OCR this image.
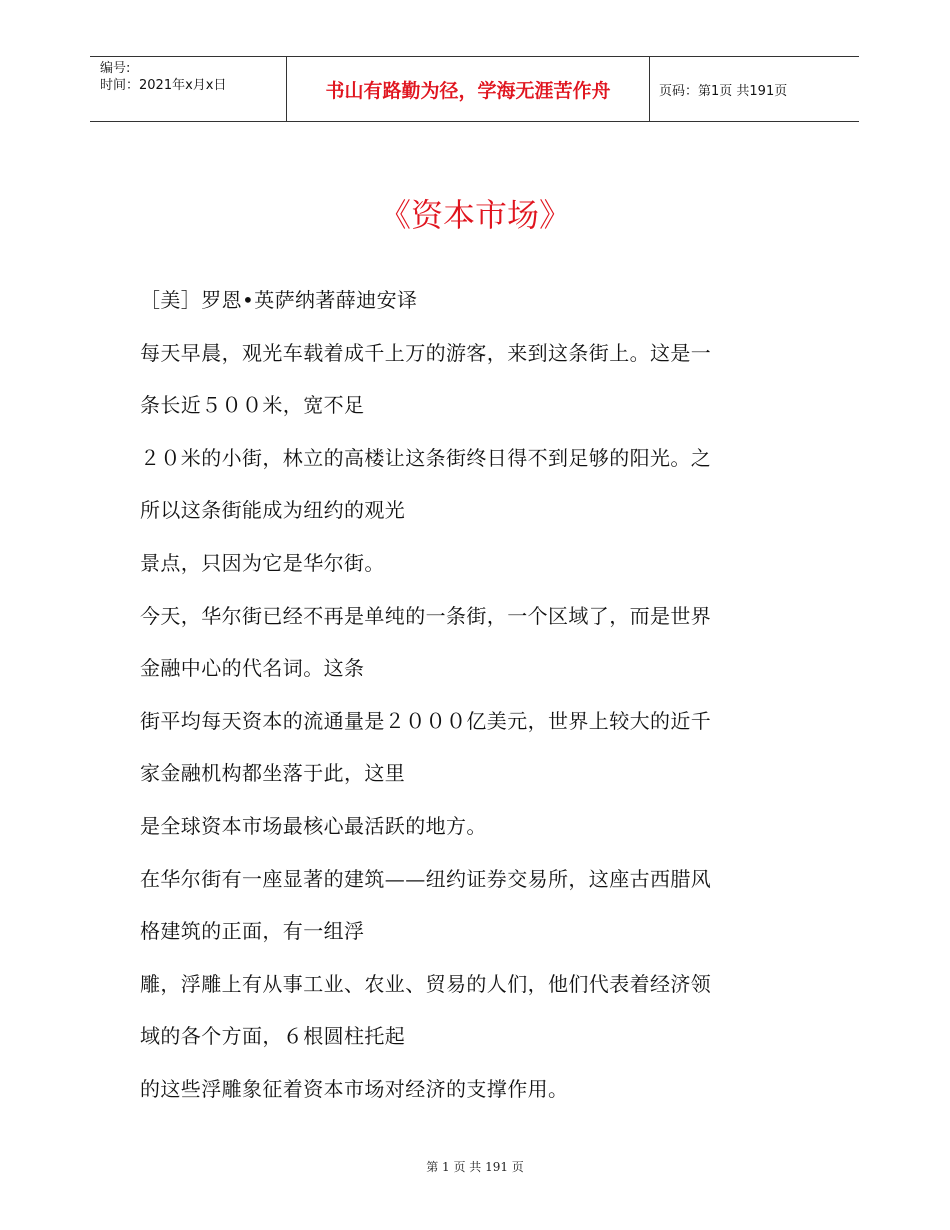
编号:
时间：2021年x月x日	书山有路勤为径，学海无涯苦作舟	页码：第1页 共191页
《资本市场》
［美］罗恩•英萨纳著薛迪安译
每天早晨，观光车载着成千上万的游客，来到这条街上。这是一
条长近５００米，宽不足
２０米的小街，林立的高楼让这条街终日得不到足够的阳光。之
所以这条街能成为纽约的观光
景点，只因为它是华尔街。
今天，华尔街已经不再是单纯的一条街，一个区域了，而是世界
金融中心的代名词。这条
街平均每天资本的流通量是２０００亿美元，世界上较大的近千
家金融机构都坐落于此，这里
是全球资本市场最核心最活跃的地方。
在华尔街有一座显著的建筑——纽约证券交易所，这座古西腊风
格建筑的正面，有一组浮
雕，浮雕上有从事工业、农业、贸易的人们，他们代表着经济领
域的各个方面，６根圆柱托起
的这些浮雕象征着资本市场对经济的支撑作用。
第 1 页 共 191 页
